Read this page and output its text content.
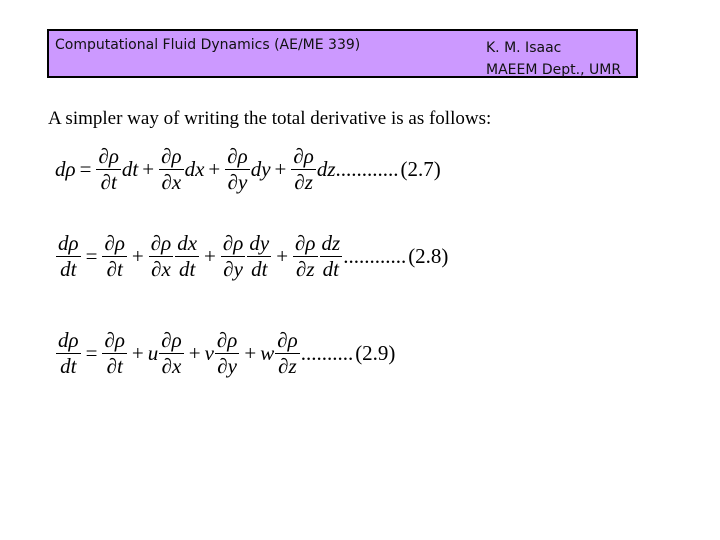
Computational Fluid Dynamics (AE/ME 339)	K. M. Isaac
MAEEM Dept., UMR
A simpler way of writing the total derivative is as follows:
$d\rho = \frac{\partial\rho}{\partial t}$ dt + $\frac{\partial\rho}{\partial x}$ dx + $\frac{\partial\rho}{\partial y}$ dy + $\frac{\partial\rho}{\partial z}$ dz ............ (2.7)
$\frac{d\rho}{dt} = \frac{\partial\rho}{\partial t} + \frac{\partial\rho}{\partial x} \frac{dx}{dt} + \frac{\partial\rho}{\partial y} \frac{dy}{dt} + \frac{\partial\rho}{\partial z} \frac{dz}{dt}$ ............ (2.8)
$\frac{d\rho}{dt} = \frac{\partial\rho}{\partial t} + u \frac{\partial\rho}{\partial x} + v \frac{\partial\rho}{\partial y} + w \frac{\partial\rho}{\partial z}$ .......... (2.9)
